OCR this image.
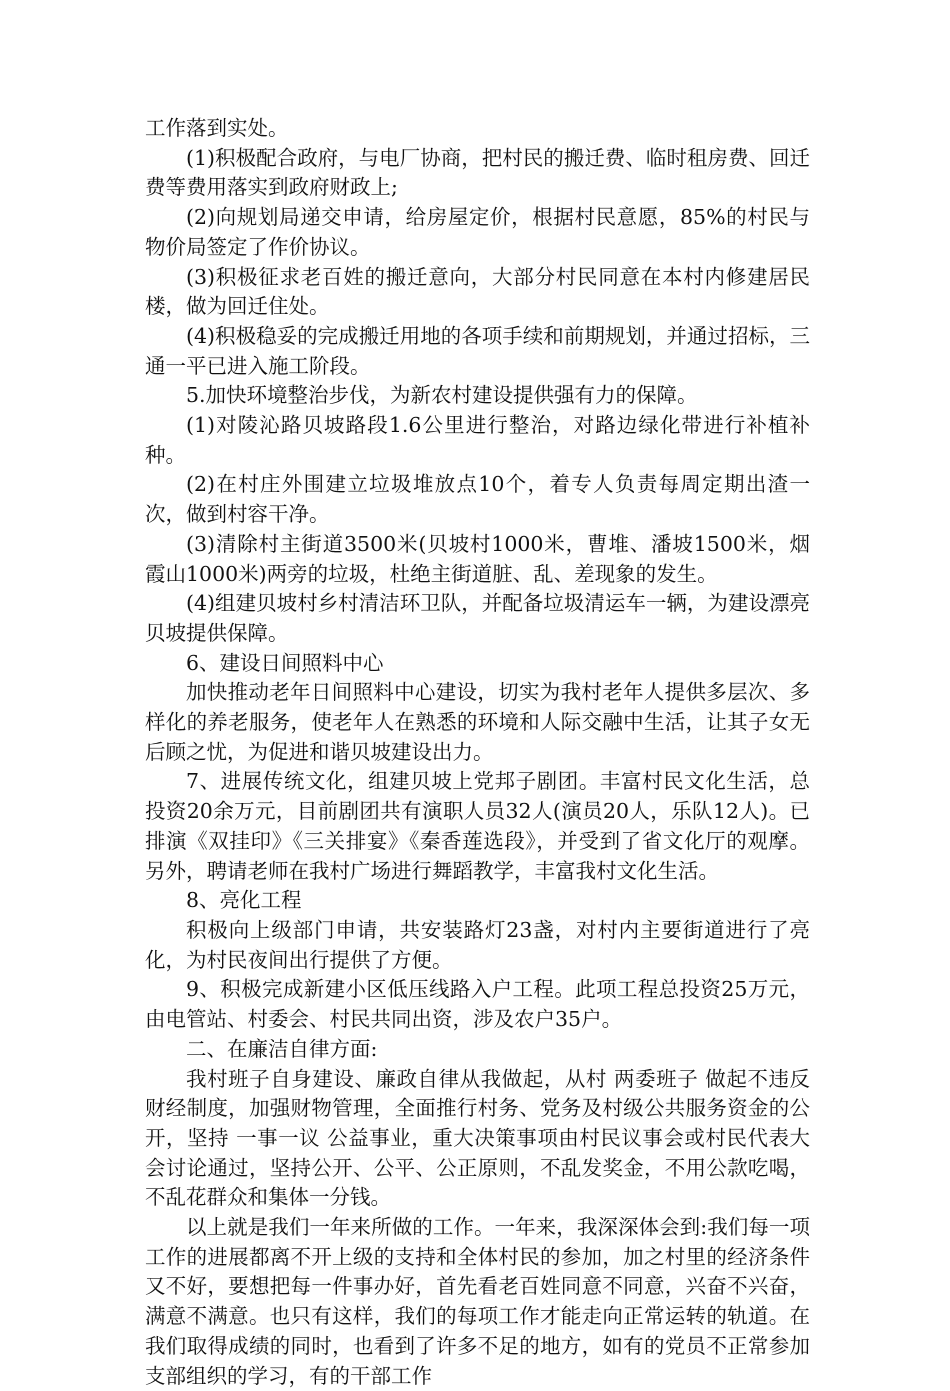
工作落到实处。

(1)积极配合政府，与电厂协商，把村民的搬迁费、临时租房费、回迁费等费用落实到政府财政上;

(2)向规划局递交申请，给房屋定价，根据村民意愿，85%的村民与物价局签定了作价协议。

(3)积极征求老百姓的搬迁意向，大部分村民同意在本村内修建居民楼，做为回迁住处。

(4)积极稳妥的完成搬迁用地的各项手续和前期规划，并通过招标，三通一平已进入施工阶段。

5.加快环境整治步伐，为新农村建设提供强有力的保障。

(1)对陵沁路贝坡路段1.6公里进行整治，对路边绿化带进行补植补种。

(2)在村庄外围建立垃圾堆放点10个，着专人负责每周定期出渣一次，做到村容干净。

(3)清除村主街道3500米(贝坡村1000米，曹堆、潘坡1500米，烟霞山1000米)两旁的垃圾，杜绝主街道脏、乱、差现象的发生。

(4)组建贝坡村乡村清洁环卫队，并配备垃圾清运车一辆，为建设漂亮贝坡提供保障。

6、建设日间照料中心

加快推动老年日间照料中心建设，切实为我村老年人提供多层次、多样化的养老服务，使老年人在熟悉的环境和人际交融中生活，让其子女无后顾之忧，为促进和谐贝坡建设出力。

7、进展传统文化，组建贝坡上党邦子剧团。丰富村民文化生活，总投资20余万元，目前剧团共有演职人员32人(演员20人，乐队12人)。已排演《双挂印》《三关排宴》《秦香莲选段》，并受到了省文化厅的观摩。另外，聘请老师在我村广场进行舞蹈教学，丰富我村文化生活。

8、亮化工程

积极向上级部门申请，共安装路灯23盏，对村内主要街道进行了亮化，为村民夜间出行提供了方便。

9、积极完成新建小区低压线路入户工程。此项工程总投资25万元，由电管站、村委会、村民共同出资，涉及农户35户。

二、在廉洁自律方面:

我村班子自身建设、廉政自律从我做起，从村 两委班子 做起不违反财经制度，加强财物管理，全面推行村务、党务及村级公共服务资金的公开，坚持 一事一议 公益事业，重大决策事项由村民议事会或村民代表大会讨论通过，坚持公开、公平、公正原则，不乱发奖金，不用公款吃喝，不乱花群众和集体一分钱。

以上就是我们一年来所做的工作。一年来，我深深体会到:我们每一项工作的进展都离不开上级的支持和全体村民的参加，加之村里的经济条件又不好，要想把每一件事办好，首先看老百姓同意不同意，兴奋不兴奋，满意不满意。也只有这样，我们的每项工作才能走向正常运转的轨道。在我们取得成绩的同时，也看到了许多不足的地方，如有的党员不正常参加支部组织的学习，有的干部工作
